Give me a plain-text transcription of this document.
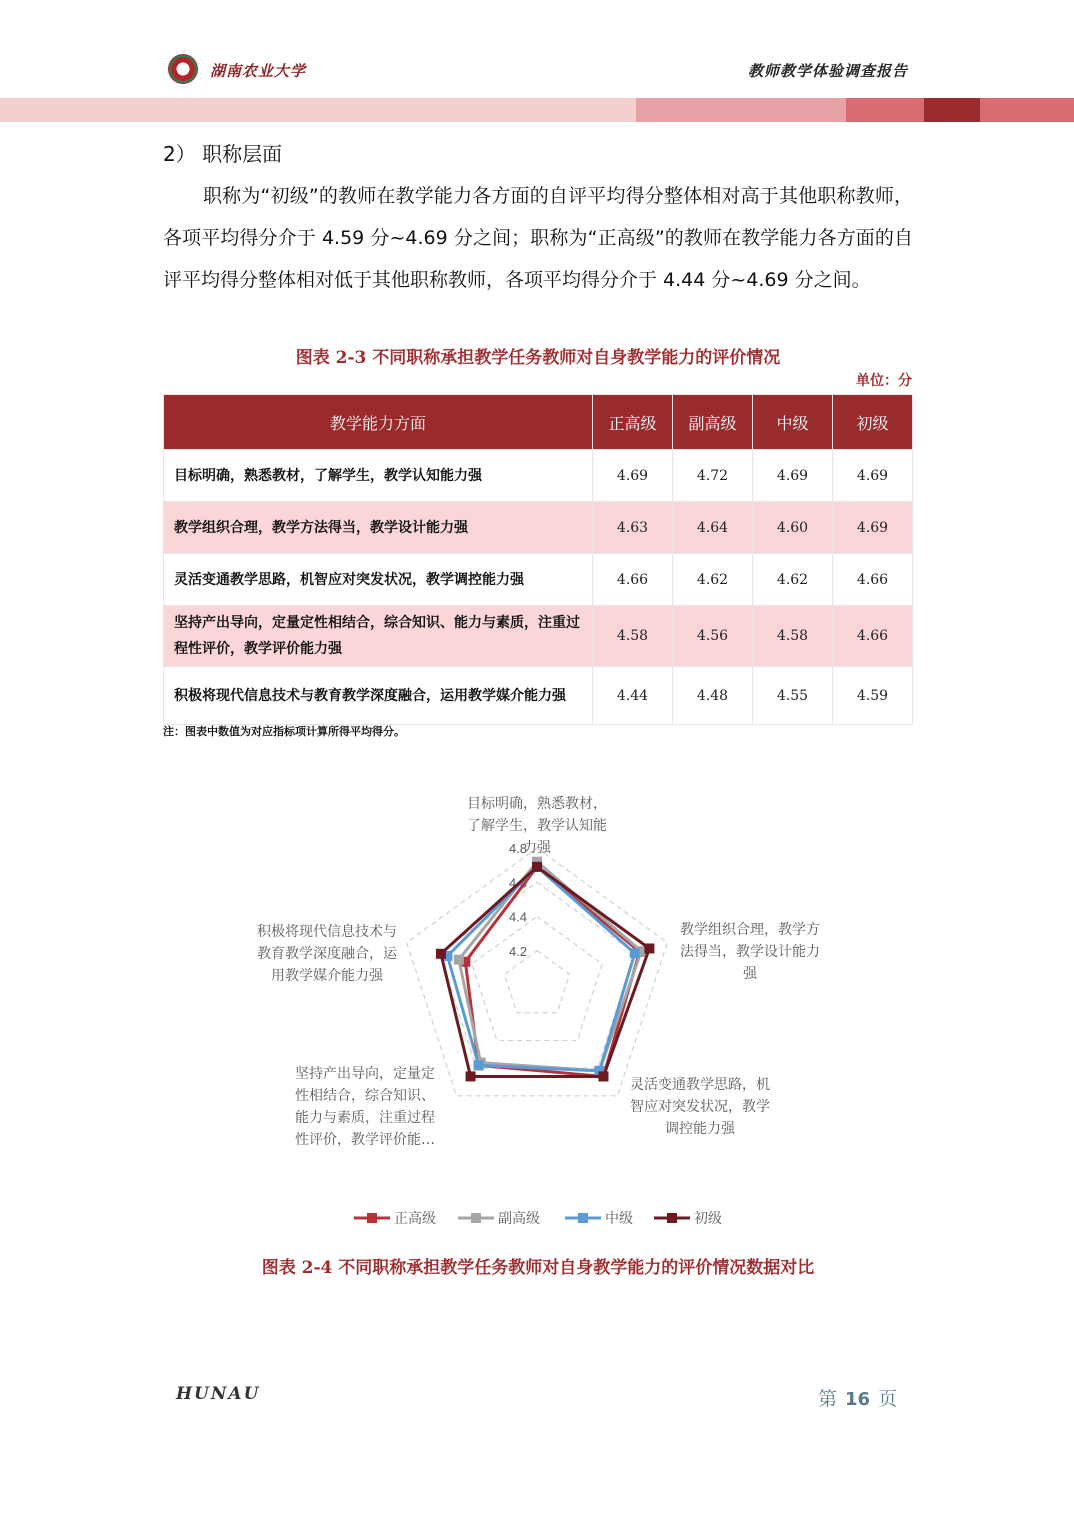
湖南农业大学	教师教学体验调查报告
2） 职称层面

职称为“初级”的教师在教学能力各方面的自评平均得分整体相对高于其他职称教师，各项平均得分介于 4.59 分~4.69 分之间；职称为“正高级”的教师在教学能力各方面的自评平均得分整体相对低于其他职称教师，各项平均得分介于 4.44 分~4.69 分之间。

图表 2-3 不同职称承担教学任务教师对自身教学能力的评价情况
单位：分
教学能力方面	正高级	副高级	中级	初级
目标明确，熟悉教材，了解学生，教学认知能力强	4.69	4.72	4.69	4.69
教学组织合理，教学方法得当，教学设计能力强	4.63	4.64	4.60	4.69
灵活变通教学思路，机智应对突发状况，教学调控能力强	4.66	4.62	4.62	4.66
坚持产出导向，定量定性相结合，综合知识、能力与素质，注重过程性评价，教学评价能力强	4.58	4.56	4.58	4.66
积极将现代信息技术与教育教学深度融合，运用教学媒介能力强	4.44	4.48	4.55	4.59
注：图表中数值为对应指标项计算所得平均得分。
4.2
4.4
4.6
4.8
目标明确，熟悉教材，
了解学生，教学认知能
力强
教学组织合理，教学方
法得当，教学设计能力
强
灵活变通教学思路，机
智应对突发状况，教学
调控能力强
坚持产出导向，定量定
性相结合，综合知识、
能力与素质，注重过程
性评价，教学评价能…
积极将现代信息技术与
教育教学深度融合，运
用教学媒介能力强
正高级	副高级	中级	初级
图表 2-4 不同职称承担教学任务教师对自身教学能力的评价情况数据对比
HUNAU	第 16 页
